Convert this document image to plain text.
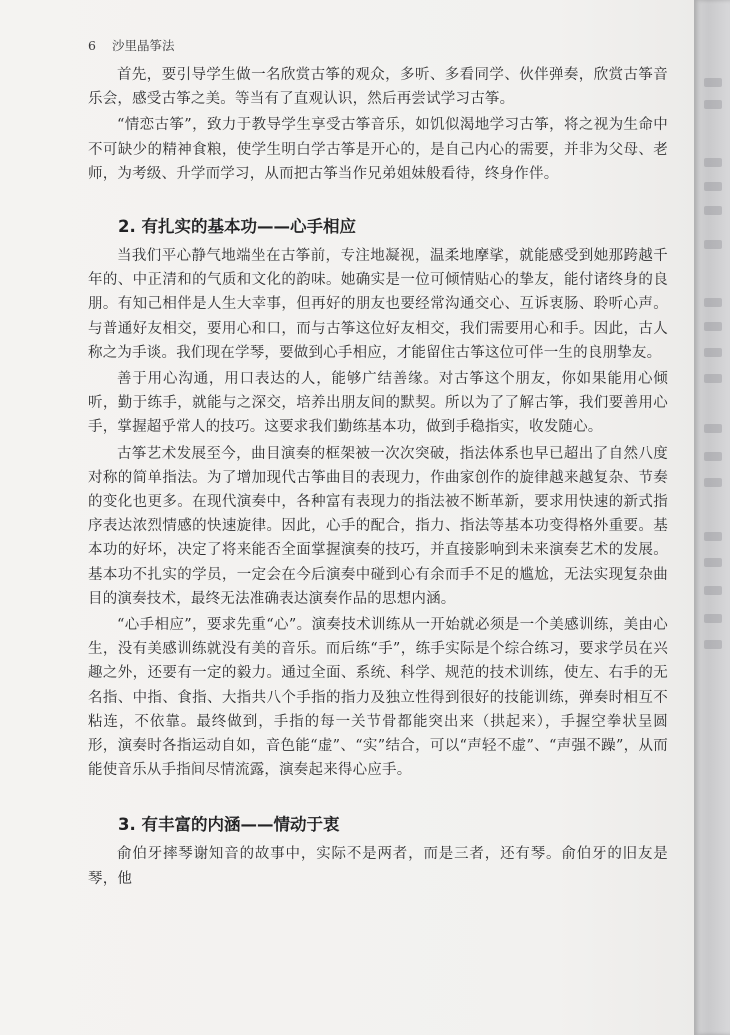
6 沙里晶筝法

首先，要引导学生做一名欣赏古筝的观众，多听、多看同学、伙伴弹奏，欣赏古筝音乐会，感受古筝之美。等当有了直观认识，然后再尝试学习古筝。

“情恋古筝”，致力于教导学生享受古筝音乐，如饥似渴地学习古筝，将之视为生命中不可缺少的精神食粮，使学生明白学古筝是开心的，是自己内心的需要，并非为父母、老师，为考级、升学而学习，从而把古筝当作兄弟姐妹般看待，终身作伴。

2. 有扎实的基本功——心手相应

当我们平心静气地端坐在古筝前，专注地凝视，温柔地摩挲，就能感受到她那跨越千年的、中正清和的气质和文化的韵味。她确实是一位可倾情贴心的挚友，能付诸终身的良朋。有知己相伴是人生大幸事，但再好的朋友也要经常沟通交心、互诉衷肠、聆听心声。与普通好友相交，要用心和口，而与古筝这位好友相交，我们需要用心和手。因此，古人称之为手谈。我们现在学琴，要做到心手相应，才能留住古筝这位可伴一生的良朋挚友。

善于用心沟通，用口表达的人，能够广结善缘。对古筝这个朋友，你如果能用心倾听，勤于练手，就能与之深交，培养出朋友间的默契。所以为了了解古筝，我们要善用心手，掌握超乎常人的技巧。这要求我们勤练基本功，做到手稳指实，收发随心。

古筝艺术发展至今，曲目演奏的框架被一次次突破，指法体系也早已超出了自然八度对称的简单指法。为了增加现代古筝曲目的表现力，作曲家创作的旋律越来越复杂、节奏的变化也更多。在现代演奏中，各种富有表现力的指法被不断革新，要求用快速的新式指序表达浓烈情感的快速旋律。因此，心手的配合，指力、指法等基本功变得格外重要。基本功的好坏，决定了将来能否全面掌握演奏的技巧，并直接影响到未来演奏艺术的发展。基本功不扎实的学员，一定会在今后演奏中碰到心有余而手不足的尴尬，无法实现复杂曲目的演奏技术，最终无法准确表达演奏作品的思想内涵。

“心手相应”，要求先重“心”。演奏技术训练从一开始就必须是一个美感训练，美由心生，没有美感训练就没有美的音乐。而后练“手”，练手实际是个综合练习，要求学员在兴趣之外，还要有一定的毅力。通过全面、系统、科学、规范的技术训练，使左、右手的无名指、中指、食指、大指共八个手指的指力及独立性得到很好的技能训练，弹奏时相互不粘连，不依靠。最终做到，手指的每一关节骨都能突出来（拱起来），手握空拳状呈圆形，演奏时各指运动自如，音色能“虚”、“实”结合，可以“声轻不虚”、“声强不躁”，从而能使音乐从手指间尽情流露，演奏起来得心应手。

3. 有丰富的内涵——情动于衷

俞伯牙摔琴谢知音的故事中，实际不是两者，而是三者，还有琴。俞伯牙的旧友是琴，他
